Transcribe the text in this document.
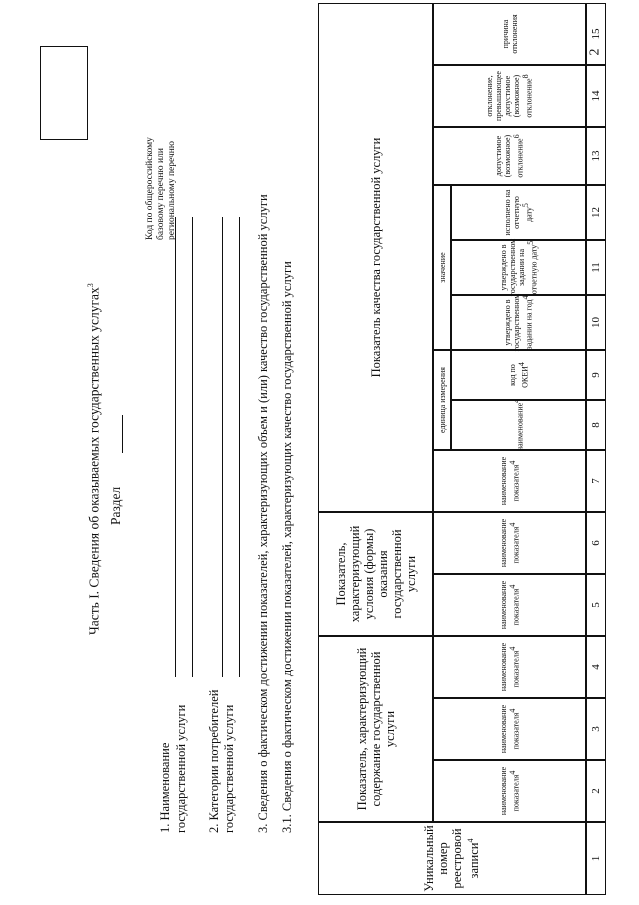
2
Часть I. Сведения об оказываемых государственных услугах$^3$
Раздел
1. Наименование государственной услуги 2. Категории потребителей государственной услуги
Код по общероссийскому базовому перечню или региональному перечню
3. Сведения о фактическом достижении показателей, характеризующих объем и (или) качество государственной услуги 3.1. Сведения о фактическом достижении показателей, характеризующих качество государственной услуги
Уникальный номер реестровой записи$^4$
Показатель, характеризующий содержание государственной услуги
Показатель, характеризующий условия (формы) оказания государственной услуги
Показатель качества государственной услуги
наименование показателя$^4$
наименование показателя$^4$
наименование показателя$^4$
наименование показателя$^4$
наименование показателя$^4$
наименование показателя$^4$
единица измерения
значение
допустимое (возможное) отклонение$^6$
отклонение, превышающее допустимое (возможное) отклонение$^8$
наименование$^4$
код по ОКЕИ$^4$
утверждено в государственном задании на год$^4$
утверждено в государственном задании на отчетную дату$^5$
исполнено на отчетную дату$^5$
причина отклонения
1
2
3
4
5
6
7
8
9
10
11
12
13
14
15
